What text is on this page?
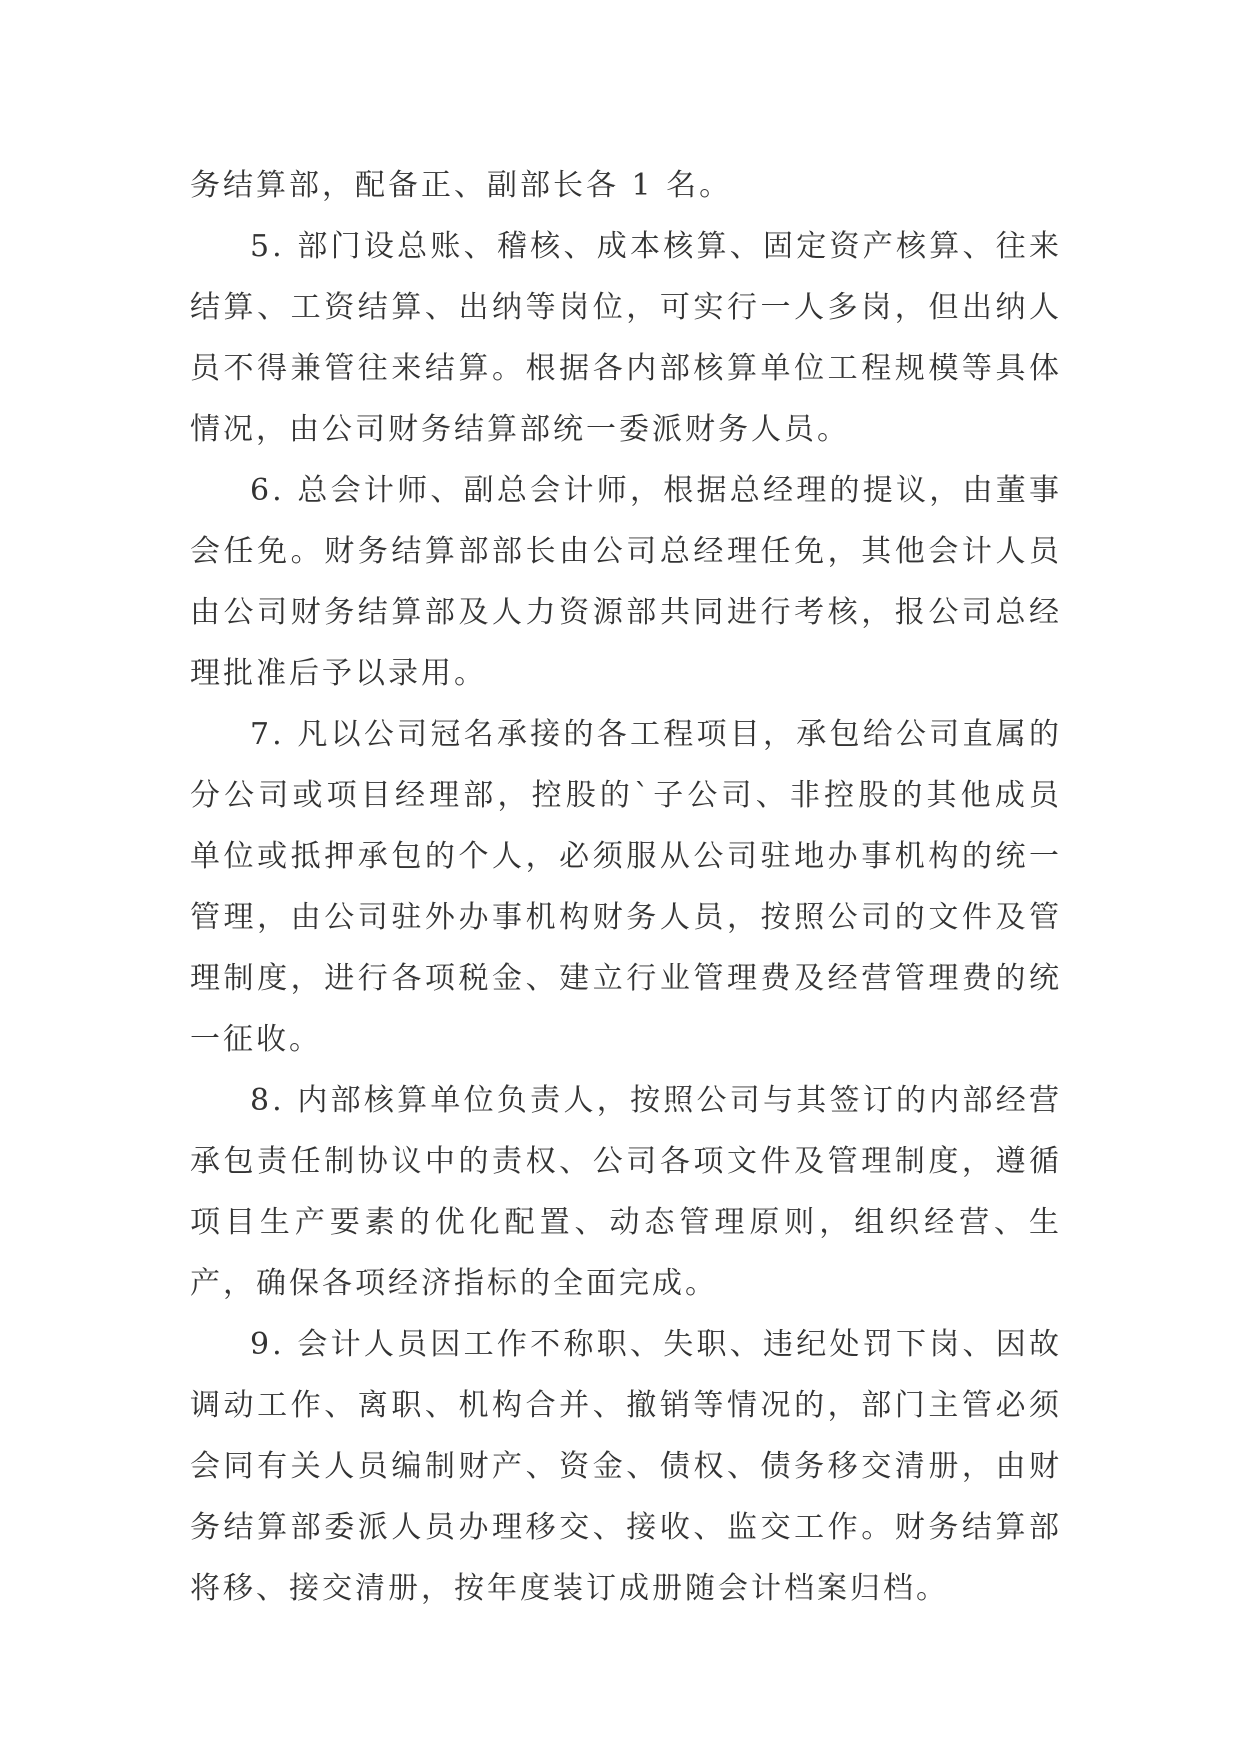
务结算部，配备正、副部长各 1 名。

5. 部门设总账、稽核、成本核算、固定资产核算、往来结算、工资结算、出纳等岗位，可实行一人多岗，但出纳人员不得兼管往来结算。根据各内部核算单位工程规模等具体情况，由公司财务结算部统一委派财务人员。

6. 总会计师、副总会计师，根据总经理的提议，由董事会任免。财务结算部部长由公司总经理任免，其他会计人员由公司财务结算部及人力资源部共同进行考核，报公司总经理批准后予以录用。

7. 凡以公司冠名承接的各工程项目，承包给公司直属的分公司或项目经理部，控股的`子公司、非控股的其他成员单位或抵押承包的个人，必须服从公司驻地办事机构的统一管理，由公司驻外办事机构财务人员，按照公司的文件及管理制度，进行各项税金、建立行业管理费及经营管理费的统一征收。

8. 内部核算单位负责人，按照公司与其签订的内部经营承包责任制协议中的责权、公司各项文件及管理制度，遵循项目生产要素的优化配置、动态管理原则，组织经营、生产，确保各项经济指标的全面完成。

9. 会计人员因工作不称职、失职、违纪处罚下岗、因故调动工作、离职、机构合并、撤销等情况的，部门主管必须会同有关人员编制财产、资金、债权、债务移交清册，由财务结算部委派人员办理移交、接收、监交工作。财务结算部将移、接交清册，按年度装订成册随会计档案归档。
